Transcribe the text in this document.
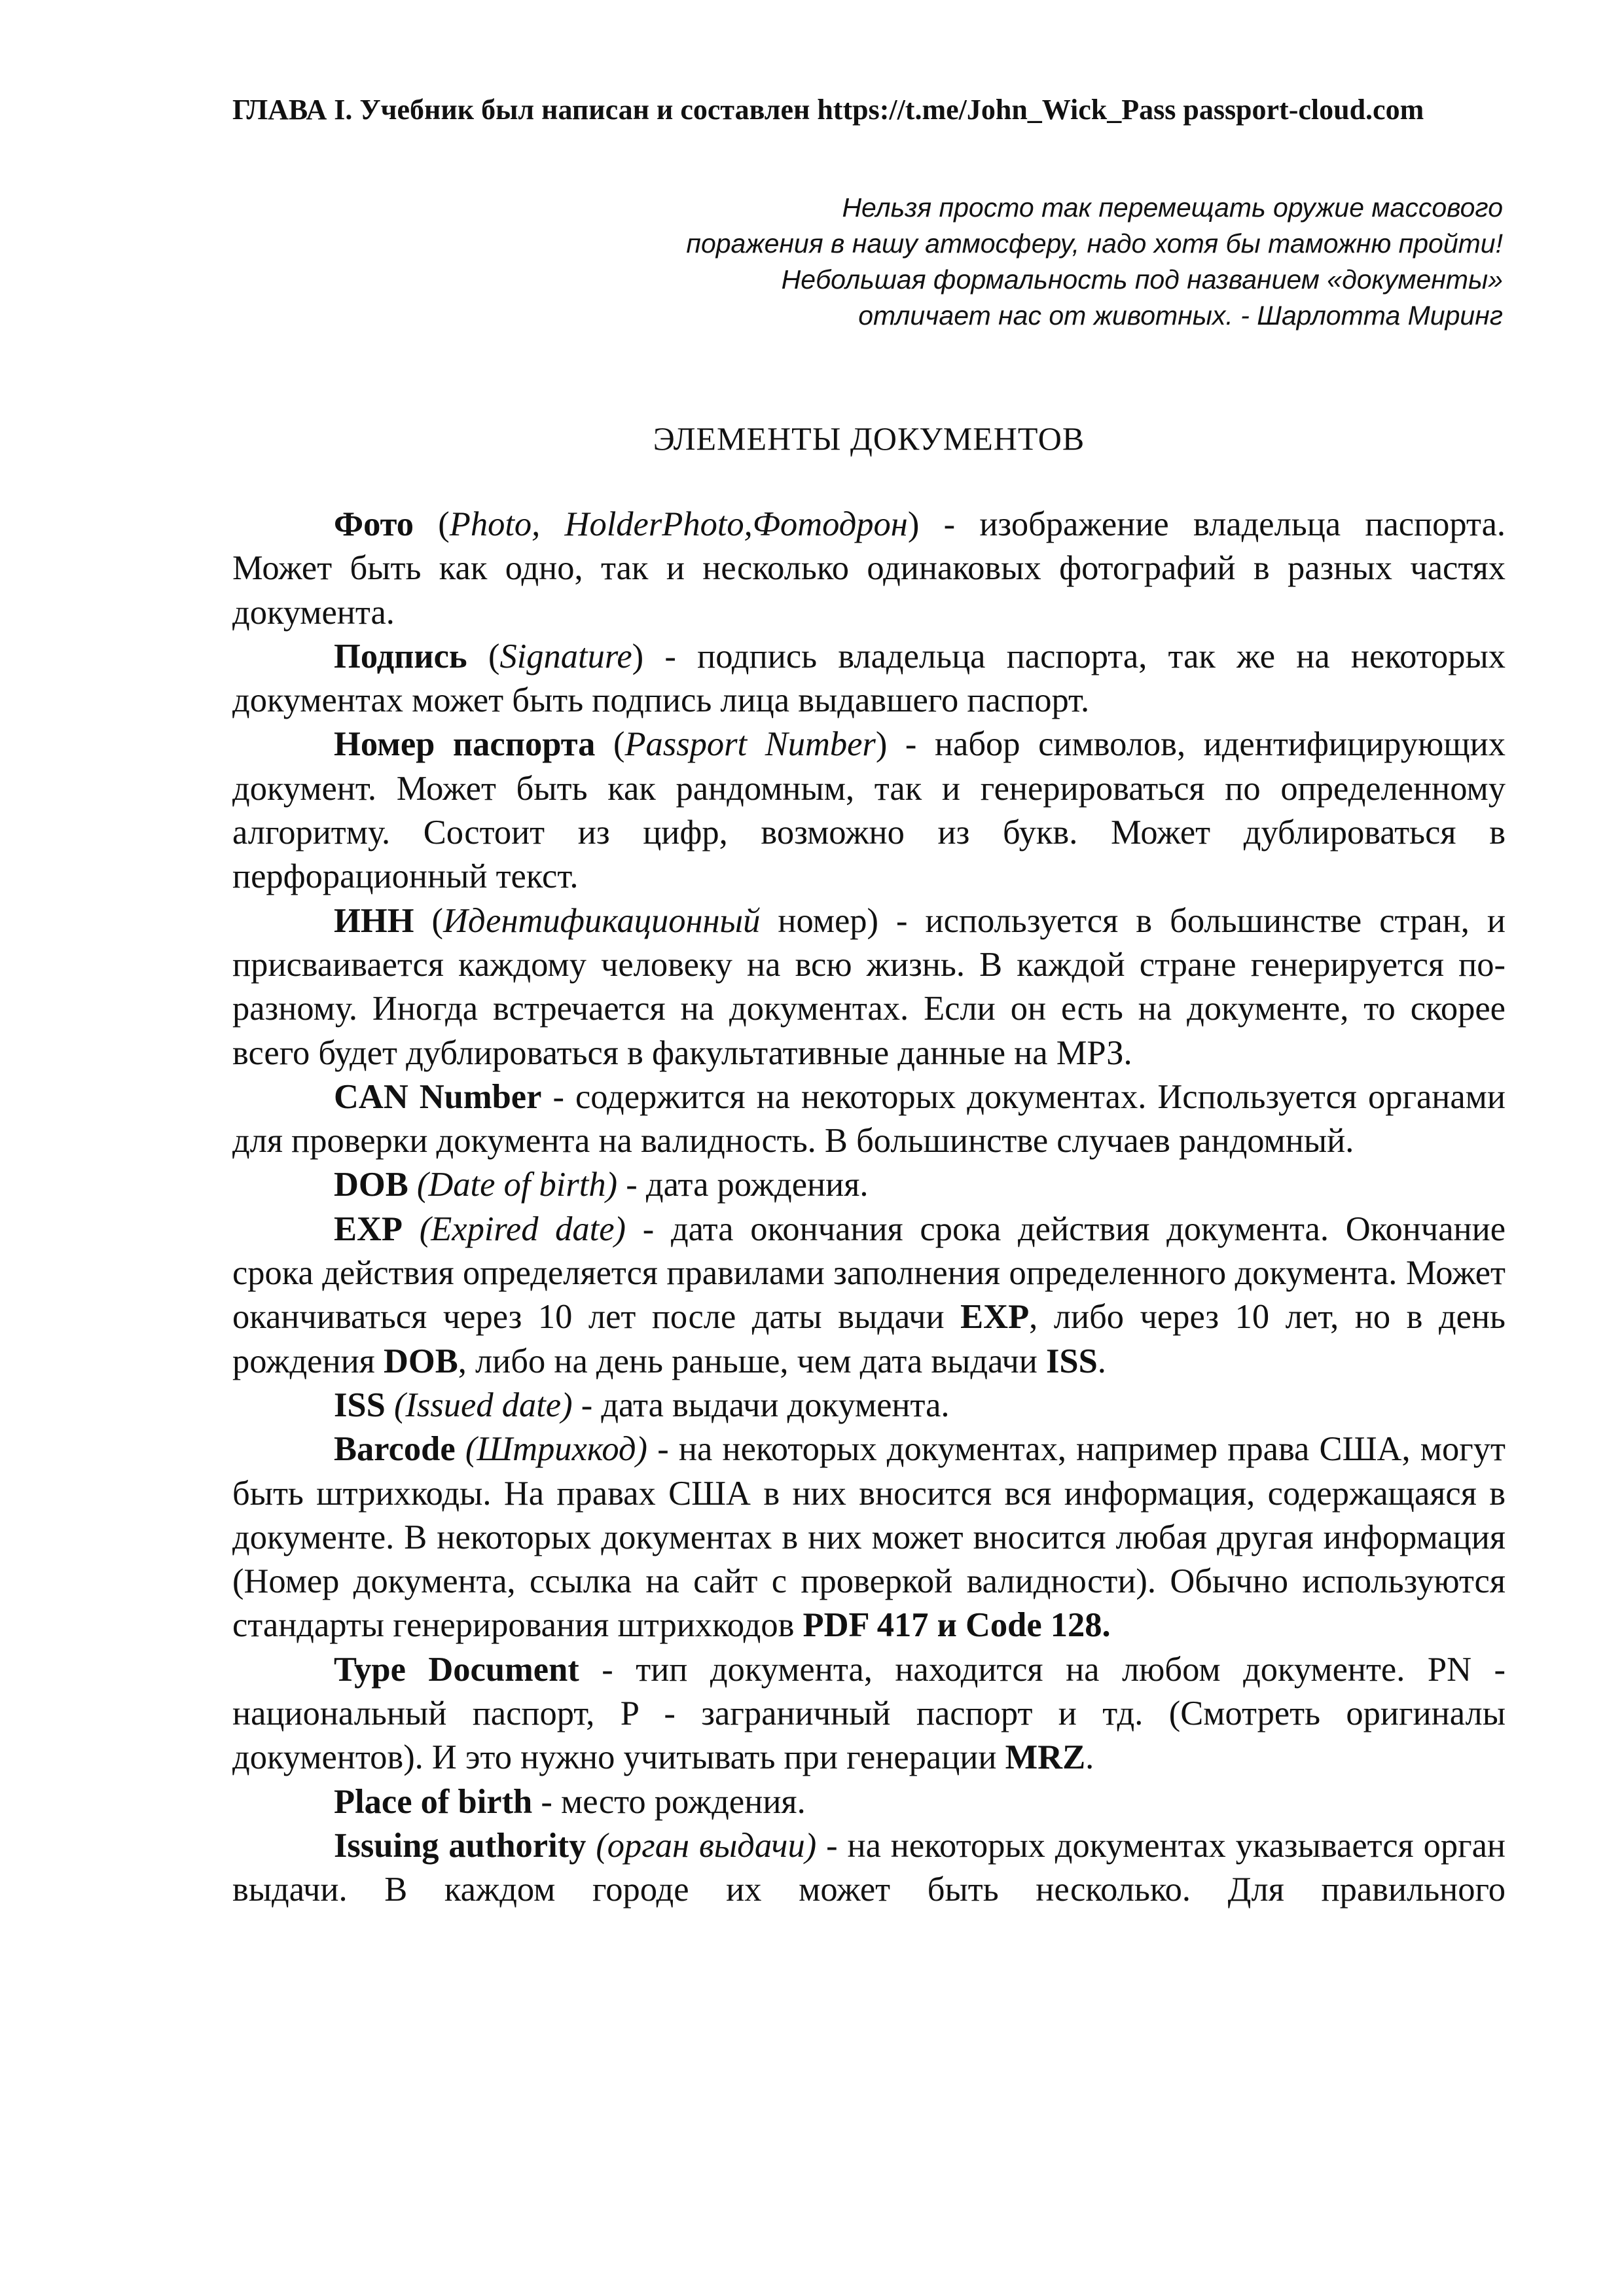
ГЛАВА I. Учебник был написан и составлен https://t.me/John_Wick_Pass passport-cloud.com
Нельзя просто так перемещать оружие массового
поражения в нашу атмосферу, надо хотя бы таможню пройти!
Небольшая формальность под названием «документы»
отличает нас от животных. - Шарлотта Миринг
ЭЛЕМЕНТЫ ДОКУМЕНТОВ

Фото (Photo, HolderPhoto,Фотодрон) - изображение владельца паспорта. Может быть как одно, так и несколько одинаковых фотографий в разных частях документа.

Подпись (Signature) - подпись владельца паспорта, так же на некоторых документах может быть подпись лица выдавшего паспорт.

Номер паспорта (Passport Number) - набор символов, идентифицирующих документ. Может быть как рандомным, так и генерироваться по определенному алгоритму. Состоит из цифр, возможно из букв. Может дублироваться в перфорационный текст.

ИНН (Идентификационный номер) - используется в большинстве стран, и присваивается каждому человеку на всю жизнь. В каждой стране генерируется по-разному. Иногда встречается на документах. Если он есть на документе, то скорее всего будет дублироваться в факультативные данные на МРЗ.

CAN Number - содержится на некоторых документах. Используется органами для проверки документа на валидность. В большинстве случаев рандомный.

DOB (Date of birth) - дата рождения.

EXP (Expired date) - дата окончания срока действия документа. Окончание срока действия определяется правилами заполнения определенного документа. Может оканчиваться через 10 лет после даты выдачи EXP, либо через 10 лет, но в день рождения DOB, либо на день раньше, чем дата выдачи ISS.

ISS (Issued date) - дата выдачи документа.

Barcode (Штрихкод) - на некоторых документах, например права США, могут быть штрихкоды. На правах США в них вносится вся информация, содержащаяся в документе. В некоторых документах в них может вносится любая другая информация (Номер документа, ссылка на сайт с проверкой валидности). Обычно используются стандарты генерирования штрихкодов PDF 417 и Code 128.

Type Document - тип документа, находится на любом документе. PN - национальный паспорт, P - заграничный паспорт и тд. (Смотреть оригиналы документов). И это нужно учитывать при генерации MRZ.

Place of birth - место рождения.

Issuing authority (орган выдачи) - на некоторых документах указывается орган выдачи. В каждом городе их может быть несколько. Для правильного
